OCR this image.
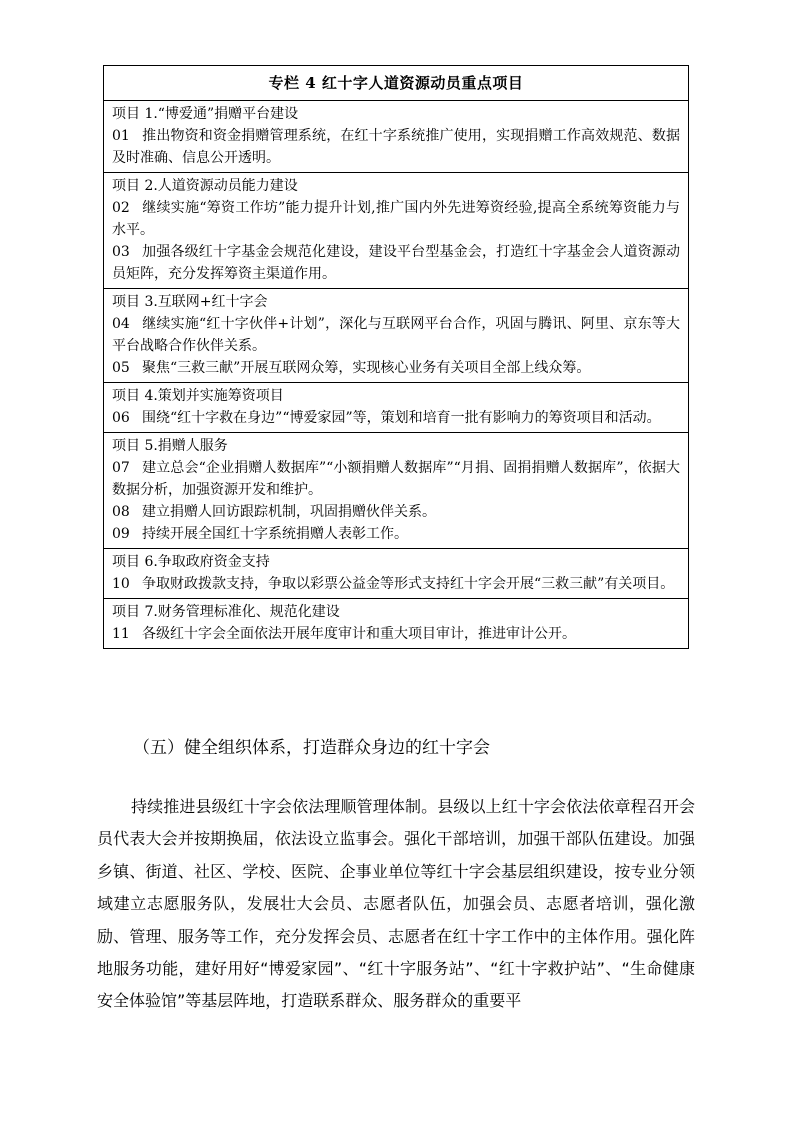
专栏 4 红十字人道资源动员重点项目
项目 1.“博爱通”捐赠平台建设
01 推出物资和资金捐赠管理系统，在红十字系统推广使用，实现捐赠工作高效规范、数据及时准确、信息公开透明。
项目 2.人道资源动员能力建设
02 继续实施“筹资工作坊”能力提升计划,推广国内外先进筹资经验,提高全系统筹资能力与水平。
03 加强各级红十字基金会规范化建设，建设平台型基金会，打造红十字基金会人道资源动员矩阵，充分发挥筹资主渠道作用。
项目 3.互联网+红十字会
04 继续实施“红十字伙伴+计划”，深化与互联网平台合作，巩固与腾讯、阿里、京东等大平台战略合作伙伴关系。
05 聚焦“三救三献”开展互联网众筹，实现核心业务有关项目全部上线众筹。
项目 4.策划并实施筹资项目
06 围绕“红十字救在身边”“博爱家园”等，策划和培育一批有影响力的筹资项目和活动。
项目 5.捐赠人服务
07 建立总会“企业捐赠人数据库”“小额捐赠人数据库”“月捐、固捐捐赠人数据库”，依据大数据分析，加强资源开发和维护。
08 建立捐赠人回访跟踪机制，巩固捐赠伙伴关系。
09 持续开展全国红十字系统捐赠人表彰工作。
项目 6.争取政府资金支持
10 争取财政拨款支持，争取以彩票公益金等形式支持红十字会开展“三救三献”有关项目。
项目 7.财务管理标准化、规范化建设
11 各级红十字会全面依法开展年度审计和重大项目审计，推进审计公开。
（五）健全组织体系，打造群众身边的红十字会

持续推进县级红十字会依法理顺管理体制。县级以上红十字会依法依章程召开会员代表大会并按期换届，依法设立监事会。强化干部培训，加强干部队伍建设。加强乡镇、街道、社区、学校、医院、企事业单位等红十字会基层组织建设，按专业分领域建立志愿服务队，发展壮大会员、志愿者队伍，加强会员、志愿者培训，强化激励、管理、服务等工作，充分发挥会员、志愿者在红十字工作中的主体作用。强化阵地服务功能，建好用好“博爱家园”、“红十字服务站”、“红十字救护站”、“生命健康安全体验馆”等基层阵地，打造联系群众、服务群众的重要平
